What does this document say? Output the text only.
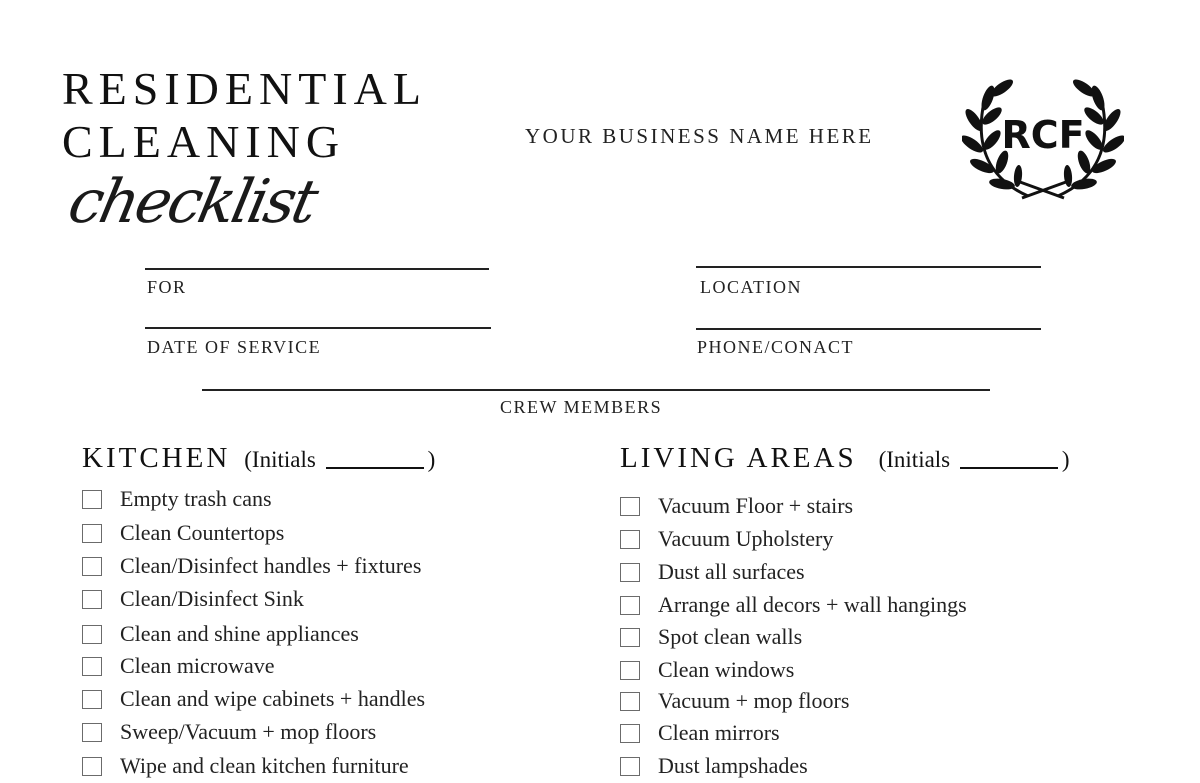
RESIDENTIAL
CLEANING
checklist
YOUR BUSINESS NAME HERE	RCF
FOR	LOCATION
DATE OF SERVICE	PHONE/CONACT
CREW MEMBERS
KITCHEN (Initials	)
Empty trash cans
Clean Countertops
Clean/Disinfect handles + fixtures
Clean/Disinfect Sink
Clean and shine appliances
Clean microwave
Clean and wipe cabinets + handles
Sweep/Vacuum + mop floors
Wipe and clean kitchen furniture
LIVING AREAS (Initials	)
Vacuum Floor + stairs
Vacuum Upholstery
Dust all surfaces
Arrange all decors + wall hangings
Spot clean walls
Clean windows
Vacuum + mop floors
Clean mirrors
Dust lampshades
